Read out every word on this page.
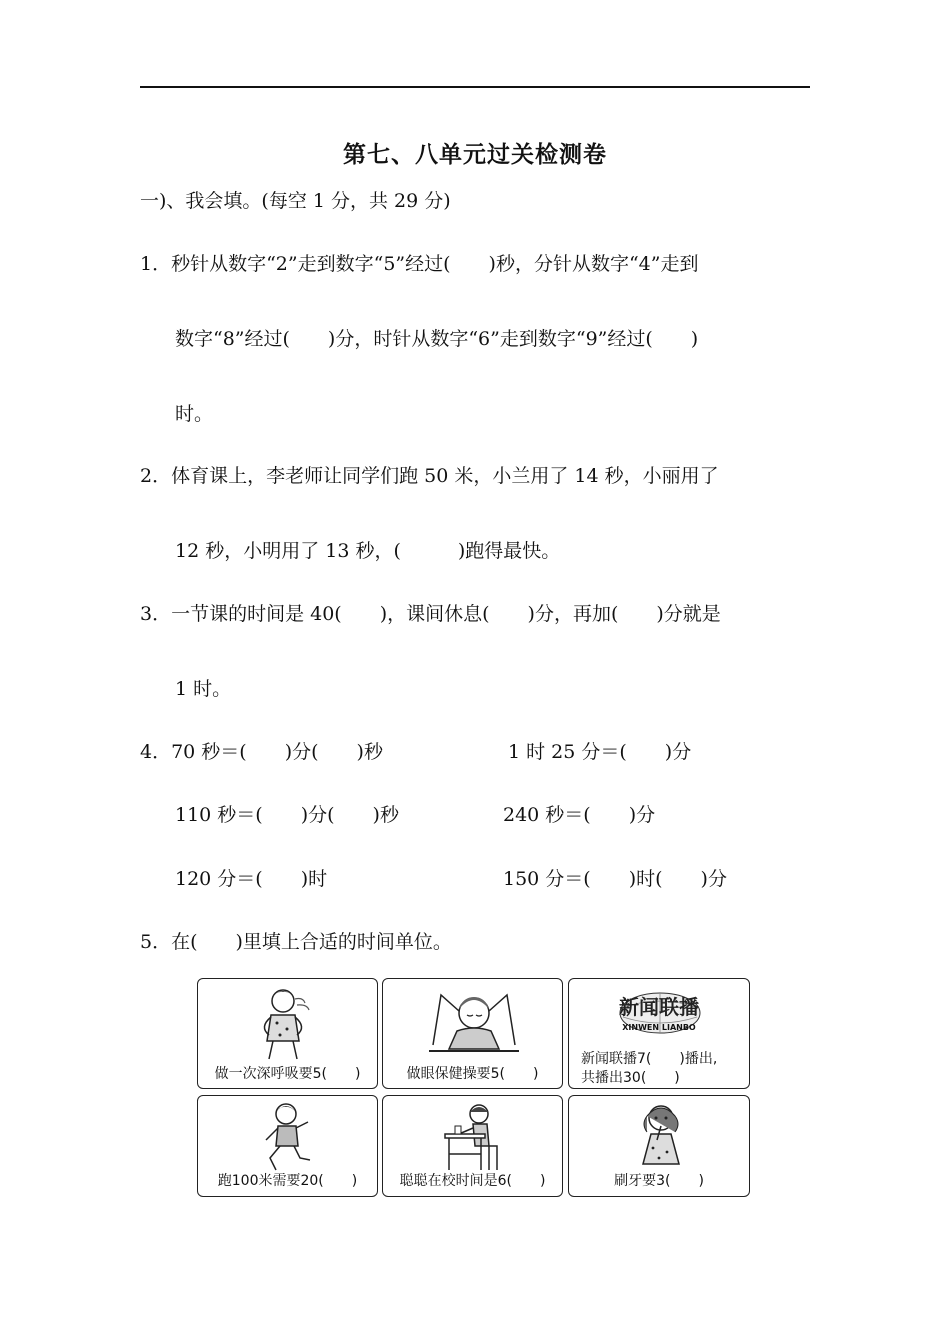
第七、八单元过关检测卷
一)、我会填。(每空 1 分，共 29 分)
1．秒针从数字“2”走到数字“5”经过(　　)秒，分针从数字“4”走到
数字“8”经过(　　)分，时针从数字“6”走到数字“9”经过(　　)
时。
2．体育课上，李老师让同学们跑 50 米，小兰用了 14 秒，小丽用了
12 秒，小明用了 13 秒，(　　　)跑得最快。
3．一节课的时间是 40(　　)，课间休息(　　)分，再加(　　)分就是
1 时。
4．70 秒＝(　　)分(　　)秒	1 时 25 分＝(　　)分
110 秒＝(　　)分(　　)秒	240 秒＝(　　)分
120 分＝(　　)时	150 分＝(　　)时(　　)分
5．在(　　)里填上合适的时间单位。
做一次深呼吸要5(　　)	做眼保健操要5(　　)
新闻联播
XINWEN LIANBO
新闻联播7(　　)播出,
共播出30(　　)
跑100米需要20(　　)	聪聪在校时间是6(　　)	刷牙要3(　　)
